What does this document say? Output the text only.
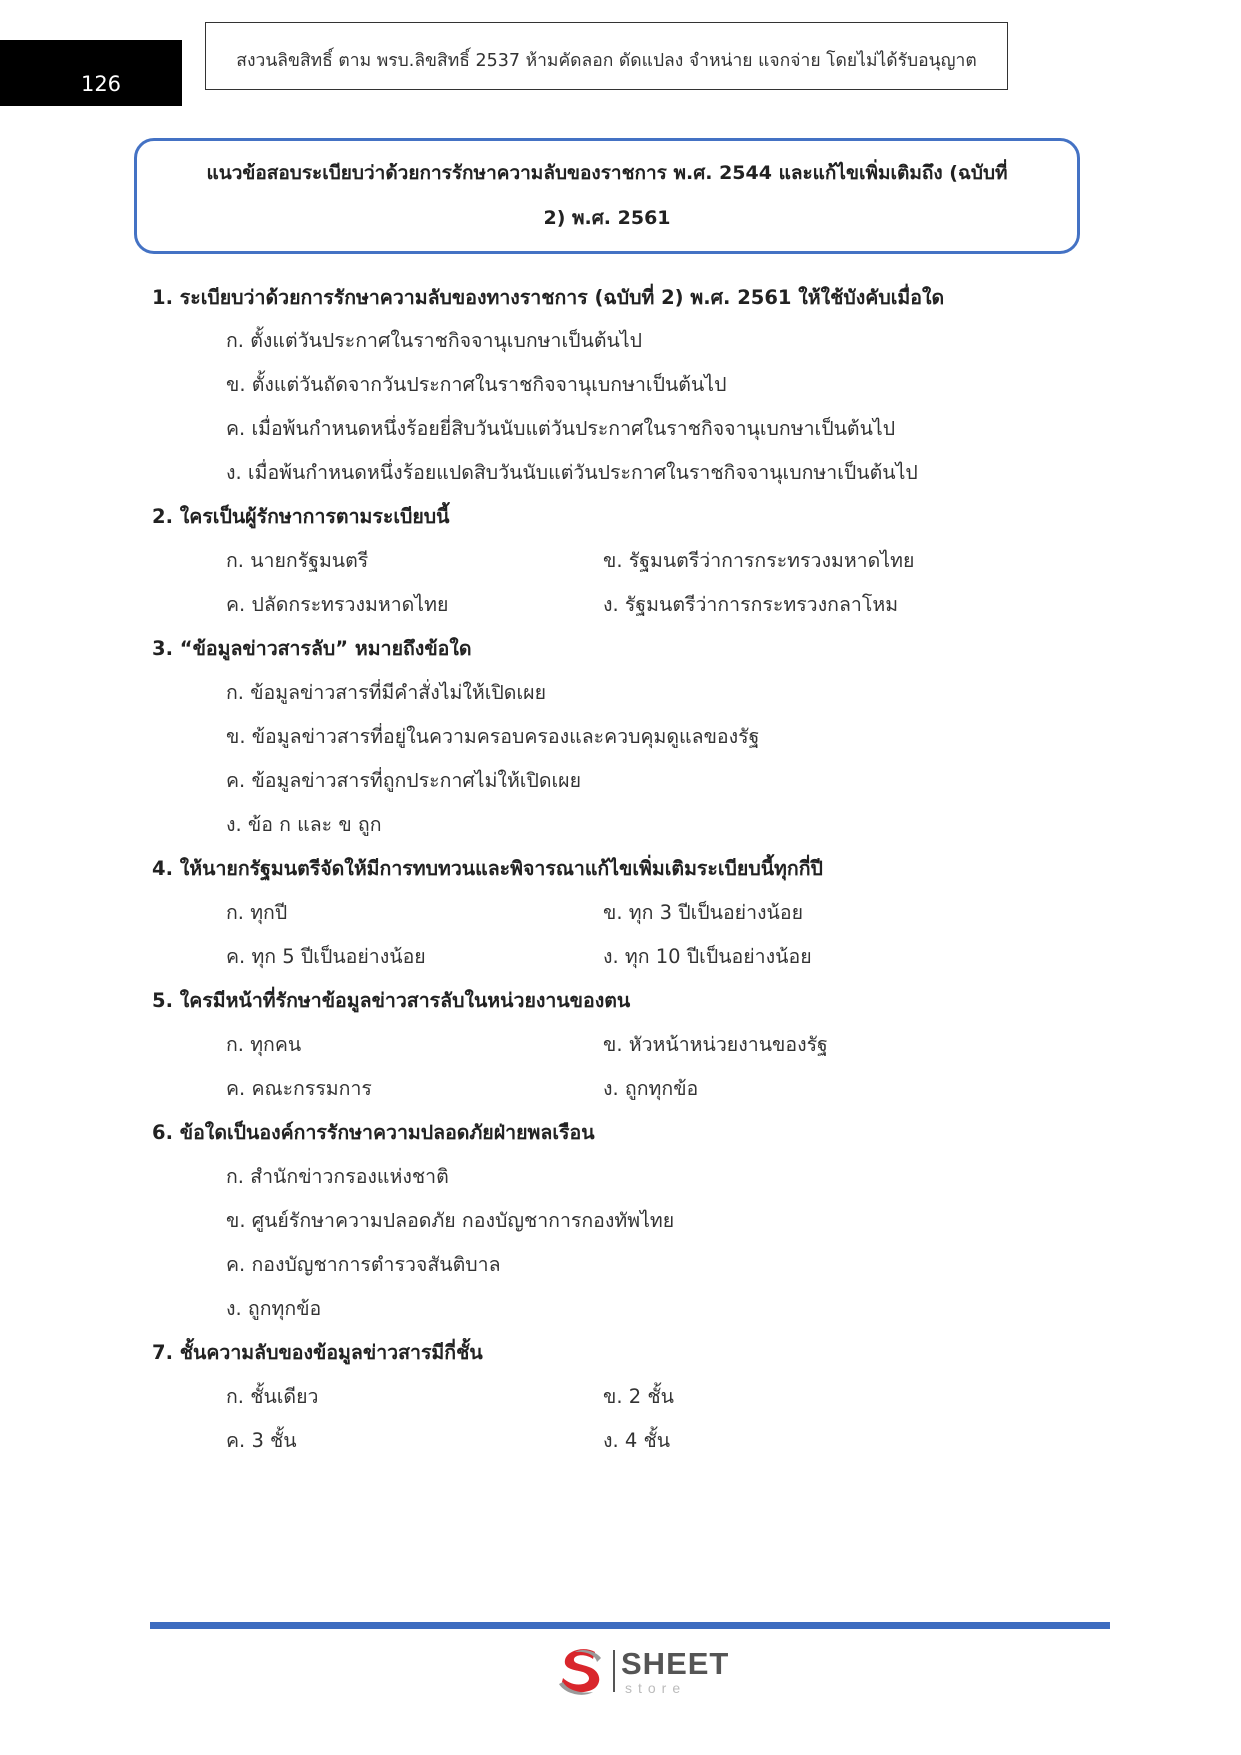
126
สงวนลิขสิทธิ์ ตาม พรบ.ลิขสิทธิ์ 2537 ห้ามคัดลอก ดัดแปลง จำหน่าย แจกจ่าย โดยไม่ได้รับอนุญาต
แนวข้อสอบระเบียบว่าด้วยการรักษาความลับของราชการ พ.ศ. 2544 และแก้ไขเพิ่มเติมถึง (ฉบับที่
2) พ.ศ. 2561
1. ระเบียบว่าด้วยการรักษาความลับของทางราชการ (ฉบับที่ 2) พ.ศ. 2561 ให้ใช้บังคับเมื่อใด
ก. ตั้งแต่วันประกาศในราชกิจจานุเบกษาเป็นต้นไป
ข. ตั้งแต่วันถัดจากวันประกาศในราชกิจจานุเบกษาเป็นต้นไป
ค. เมื่อพ้นกำหนดหนึ่งร้อยยี่สิบวันนับแต่วันประกาศในราชกิจจานุเบกษาเป็นต้นไป
ง. เมื่อพ้นกำหนดหนึ่งร้อยแปดสิบวันนับแต่วันประกาศในราชกิจจานุเบกษาเป็นต้นไป
2. ใครเป็นผู้รักษาการตามระเบียบนี้
ก. นายกรัฐมนตรี	ข. รัฐมนตรีว่าการกระทรวงมหาดไทย
ค. ปลัดกระทรวงมหาดไทย	ง. รัฐมนตรีว่าการกระทรวงกลาโหม
3. “ข้อมูลข่าวสารลับ” หมายถึงข้อใด
ก. ข้อมูลข่าวสารที่มีคำสั่งไม่ให้เปิดเผย
ข. ข้อมูลข่าวสารที่อยู่ในความครอบครองและควบคุมดูแลของรัฐ
ค. ข้อมูลข่าวสารที่ถูกประกาศไม่ให้เปิดเผย
ง. ข้อ ก และ ข ถูก
4. ให้นายกรัฐมนตรีจัดให้มีการทบทวนและพิจารณาแก้ไขเพิ่มเติมระเบียบนี้ทุกกี่ปี
ก. ทุกปี	ข. ทุก 3 ปีเป็นอย่างน้อย
ค. ทุก 5 ปีเป็นอย่างน้อย	ง. ทุก 10 ปีเป็นอย่างน้อย
5. ใครมีหน้าที่รักษาข้อมูลข่าวสารลับในหน่วยงานของตน
ก. ทุกคน	ข. หัวหน้าหน่วยงานของรัฐ
ค. คณะกรรมการ	ง. ถูกทุกข้อ
6. ข้อใดเป็นองค์การรักษาความปลอดภัยฝ่ายพลเรือน
ก. สำนักข่าวกรองแห่งชาติ
ข. ศูนย์รักษาความปลอดภัย กองบัญชาการกองทัพไทย
ค. กองบัญชาการตำรวจสันติบาล
ง. ถูกทุกข้อ
7. ชั้นความลับของข้อมูลข่าวสารมีกี่ชั้น
ก. ชั้นเดียว	ข. 2 ชั้น
ค. 3 ชั้น	ง. 4 ชั้น
SHEET
store
